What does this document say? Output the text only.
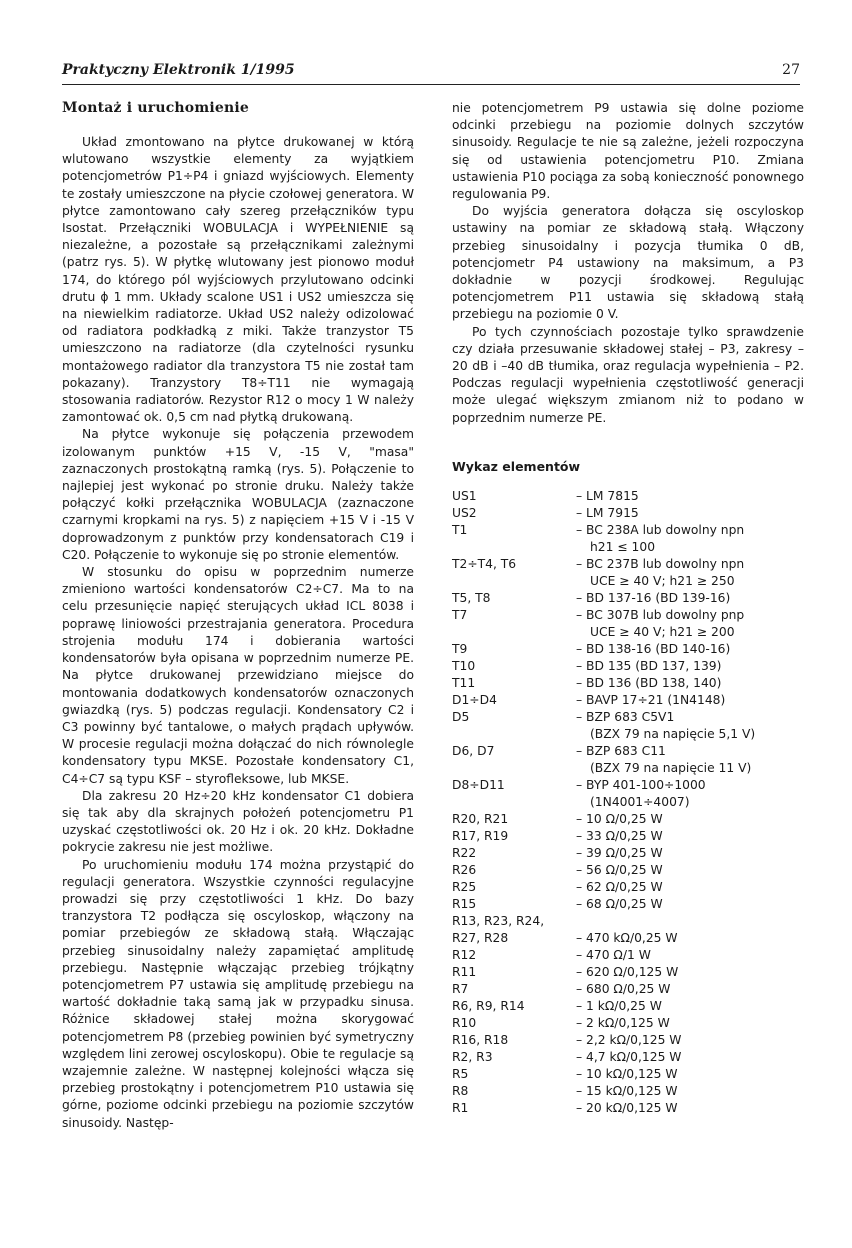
Praktyczny Elektronik 1/1995	27
Montaż i uruchomienie

Układ zmontowano na płytce drukowanej w którą wlutowano wszystkie elementy za wyjątkiem potencjometrów P1÷P4 i gniazd wyjściowych. Elementy te zostały umieszczone na płycie czołowej generatora. W płytce zamontowano cały szereg przełączników typu Isostat. Przełączniki WOBULACJA i WYPEŁNIENIE są niezależne, a pozostałe są przełącznikami zależnymi (patrz rys. 5). W płytkę wlutowany jest pionowo moduł 174, do którego pól wyjściowych przylutowano odcinki drutu ϕ 1 mm. Układy scalone US1 i US2 umieszcza się na niewielkim radiatorze. Układ US2 należy odizolować od radiatora podkładką z miki. Także tranzystor T5 umieszczono na radiatorze (dla czytelności rysunku montażowego radiator dla tranzystora T5 nie został tam pokazany). Tranzystory T8÷T11 nie wymagają stosowania radiatorów. Rezystor R12 o mocy 1 W należy zamontować ok. 0,5 cm nad płytką drukowaną.

Na płytce wykonuje się połączenia przewodem izolowanym punktów +15 V, -15 V, "masa" zaznaczonych prostokątną ramką (rys. 5). Połączenie to najlepiej jest wykonać po stronie druku. Należy także połączyć kołki przełącznika WOBULACJA (zaznaczone czarnymi kropkami na rys. 5) z napięciem +15 V i -15 V doprowadzonym z punktów przy kondensatorach C19 i C20. Połączenie to wykonuje się po stronie elementów.

W stosunku do opisu w poprzednim numerze zmieniono wartości kondensatorów C2÷C7. Ma to na celu przesunięcie napięć sterujących układ ICL 8038 i poprawę liniowości przestrajania generatora. Procedura strojenia modułu 174 i dobierania wartości kondensatorów była opisana w poprzednim numerze PE. Na płytce drukowanej przewidziano miejsce do montowania dodatkowych kondensatorów oznaczonych gwiazdką (rys. 5) podczas regulacji. Kondensatory C2 i C3 powinny być tantalowe, o małych prądach upływów. W procesie regulacji można dołączać do nich równolegle kondensatory typu MKSE. Pozostałe kondensatory C1, C4÷C7 są typu KSF – styrofleksowe, lub MKSE.

Dla zakresu 20 Hz÷20 kHz kondensator C1 dobiera się tak aby dla skrajnych położeń potencjometru P1 uzyskać częstotliwości ok. 20 Hz i ok. 20 kHz. Dokładne pokrycie zakresu nie jest możliwe.

Po uruchomieniu modułu 174 można przystąpić do regulacji generatora. Wszystkie czynności regulacyjne prowadzi się przy częstotliwości 1 kHz. Do bazy tranzystora T2 podłącza się oscyloskop, włączony na pomiar przebiegów ze składową stałą. Włączając przebieg sinusoidalny należy zapamiętać amplitudę przebiegu. Następnie włączając przebieg trójkątny potencjometrem P7 ustawia się amplitudę przebiegu na wartość dokładnie taką samą jak w przypadku sinusa. Różnice składowej stałej można skorygować potencjometrem P8 (przebieg powinien być symetryczny względem lini zerowej oscyloskopu). Obie te regulacje są wzajemnie zależne. W następnej kolejności włącza się przebieg prostokątny i potencjometrem P10 ustawia się górne, poziome odcinki przebiegu na poziomie szczytów sinusoidy. Następ-

nie potencjometrem P9 ustawia się dolne poziome odcinki przebiegu na poziomie dolnych szczytów sinusoidy. Regulacje te nie są zależne, jeżeli rozpoczyna się od ustawienia potencjometru P10. Zmiana ustawienia P10 pociąga za sobą konieczność ponownego regulowania P9.

Do wyjścia generatora dołącza się oscyloskop ustawiny na pomiar ze składową stałą. Włączony przebieg sinusoidalny i pozycja tłumika 0 dB, potencjometr P4 ustawiony na maksimum, a P3 dokładnie w pozycji środkowej. Regulując potencjometrem P11 ustawia się składową stałą przebiegu na poziomie 0 V.

Po tych czynnościach pozostaje tylko sprawdzenie czy działa przesuwanie składowej stałej – P3, zakresy –20 dB i –40 dB tłumika, oraz regulacja wypełnienia – P2. Podczas regulacji wypełnienia częstotliwość generacji może ulegać większym zmianom niż to podano w poprzednim numerze PE.

Wykaz elementów
US1	– LM 7815
US2	– LM 7915
T1	– BC 238A lub dowolny npn
h21 ≤ 100
T2÷T4, T6	– BC 237B lub dowolny npn
UCE ≥ 40 V; h21 ≥ 250
T5, T8	– BD 137-16 (BD 139-16)
T7	– BC 307B lub dowolny pnp
UCE ≥ 40 V; h21 ≥ 200
T9	– BD 138-16 (BD 140-16)
T10	– BD 135 (BD 137, 139)
T11	– BD 136 (BD 138, 140)
D1÷D4	– BAVP 17÷21 (1N4148)
D5	– BZP 683 C5V1
(BZX 79 na napięcie 5,1 V)
D6, D7	– BZP 683 C11
(BZX 79 na napięcie 11 V)
D8÷D11	– BYP 401-100÷1000
(1N4001÷4007)
R20, R21	– 10 Ω/0,25 W
R17, R19	– 33 Ω/0,25 W
R22	– 39 Ω/0,25 W
R26	– 56 Ω/0,25 W
R25	– 62 Ω/0,25 W
R15	– 68 Ω/0,25 W
R13, R23, R24,

R27, R28	– 470 kΩ/0,25 W
R12	– 470 Ω/1 W
R11	– 620 Ω/0,125 W
R7	– 680 Ω/0,25 W
R6, R9, R14	– 1 kΩ/0,25 W
R10	– 2 kΩ/0,125 W
R16, R18	– 2,2 kΩ/0,125 W
R2, R3	– 4,7 kΩ/0,125 W
R5	– 10 kΩ/0,125 W
R8	– 15 kΩ/0,125 W
R1	– 20 kΩ/0,125 W
